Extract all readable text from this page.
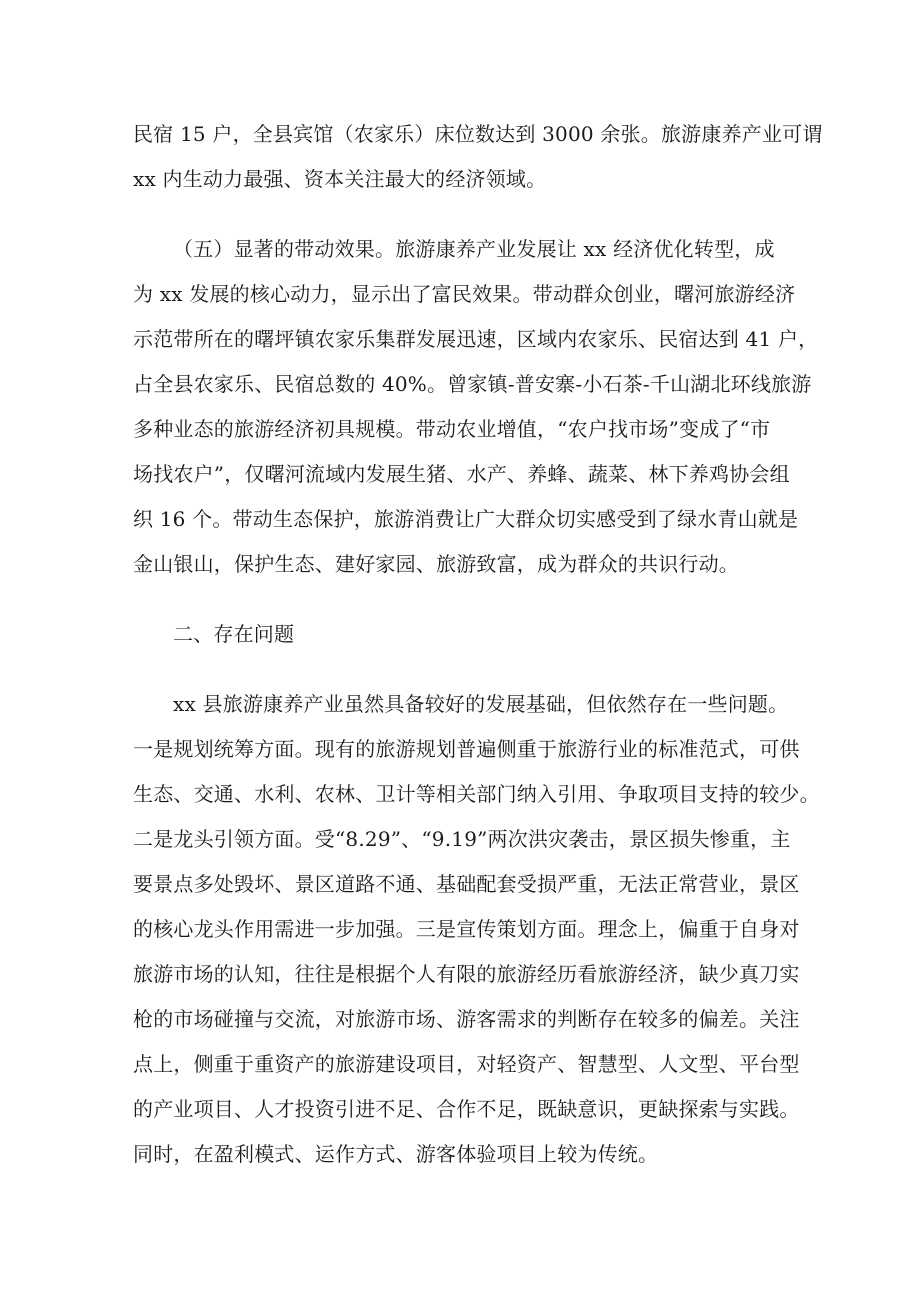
民宿 15 户，全县宾馆（农家乐）床位数达到 3000 余张。旅游康养产业可谓
xx 内生动力最强、资本关注最大的经济领域。
（五）显著的带动效果。旅游康养产业发展让 xx 经济优化转型，成
为 xx 发展的核心动力，显示出了富民效果。带动群众创业，曙河旅游经济
示范带所在的曙坪镇农家乐集群发展迅速，区域内农家乐、民宿达到 41 户，
占全县农家乐、民宿总数的 40%。曾家镇-普安寨-小石茶-千山湖北环线旅游
多种业态的旅游经济初具规模。带动农业增值，“农户找市场”变成了“市
场找农户”，仅曙河流域内发展生猪、水产、养蜂、蔬菜、林下养鸡协会组
织 16 个。带动生态保护，旅游消费让广大群众切实感受到了绿水青山就是
金山银山，保护生态、建好家园、旅游致富，成为群众的共识行动。
二、存在问题
xx 县旅游康养产业虽然具备较好的发展基础，但依然存在一些问题。
一是规划统筹方面。现有的旅游规划普遍侧重于旅游行业的标准范式，可供
生态、交通、水利、农林、卫计等相关部门纳入引用、争取项目支持的较少。
二是龙头引领方面。受“8.29”、“9.19”两次洪灾袭击，景区损失惨重，主
要景点多处毁坏、景区道路不通、基础配套受损严重，无法正常营业，景区
的核心龙头作用需进一步加强。三是宣传策划方面。理念上，偏重于自身对
旅游市场的认知，往往是根据个人有限的旅游经历看旅游经济，缺少真刀实
枪的市场碰撞与交流，对旅游市场、游客需求的判断存在较多的偏差。关注
点上，侧重于重资产的旅游建设项目，对轻资产、智慧型、人文型、平台型
的产业项目、人才投资引进不足、合作不足，既缺意识，更缺探索与实践。
同时，在盈利模式、运作方式、游客体验项目上较为传统。
